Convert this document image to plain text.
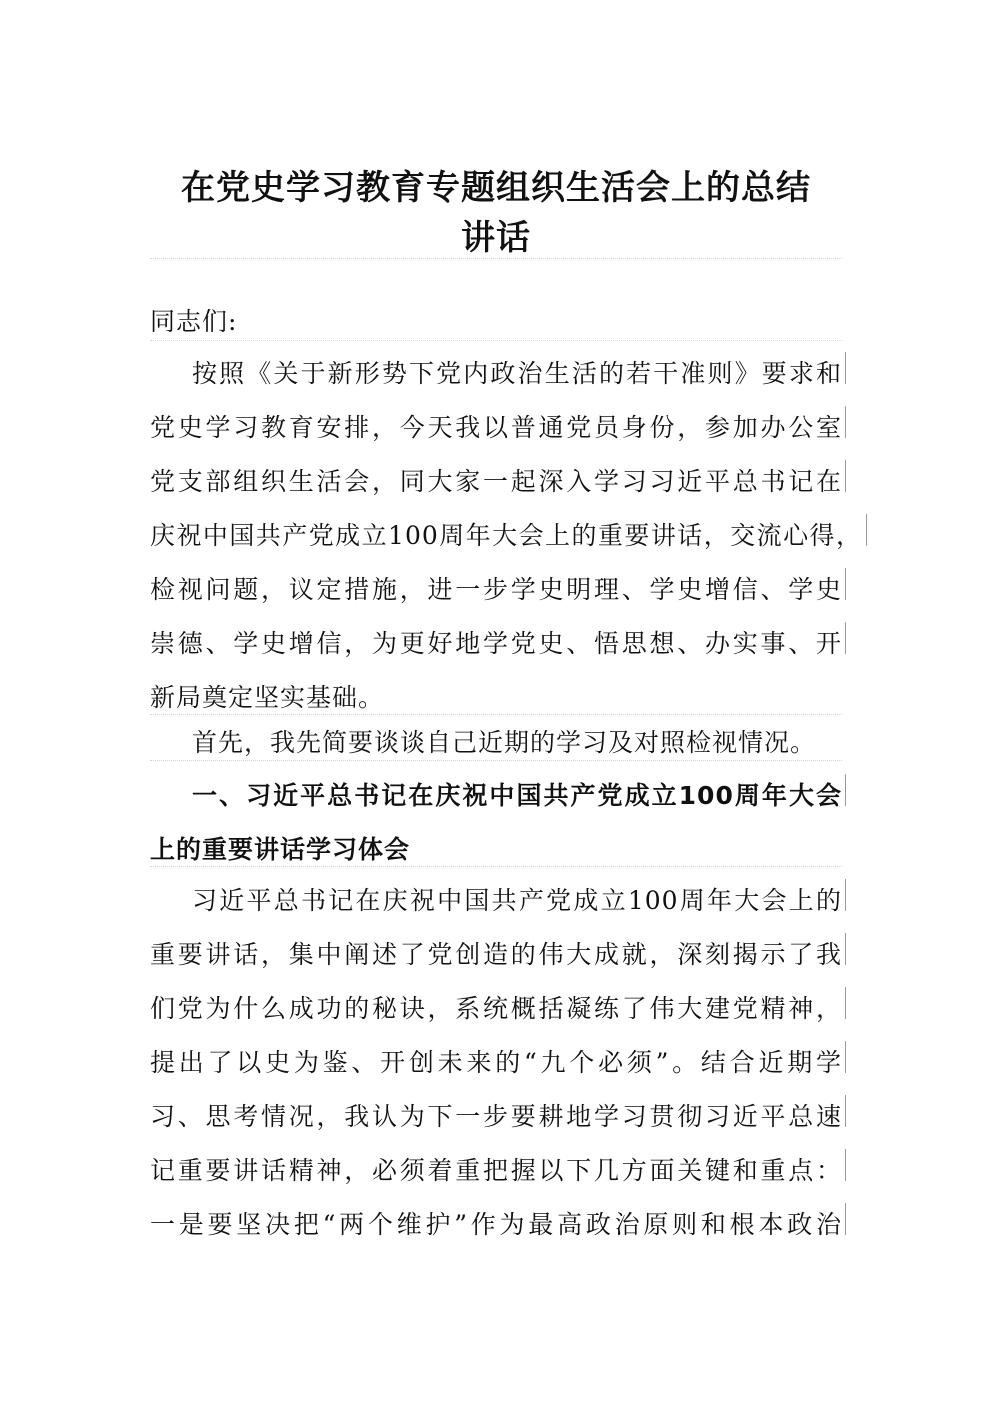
在党史学习教育专题组织生活会上的总结
讲话
同志们:
按照《关于新形势下党内政治生活的若干准则》要求和
党史学习教育安排，今天我以普通党员身份，参加办公室
党支部组织生活会，同大家一起深入学习习近平总书记在
庆祝中国共产党成立100周年大会上的重要讲话，交流心得，
检视问题，议定措施，进一步学史明理、学史增信、学史
崇德、学史增信，为更好地学党史、悟思想、办实事、开
新局奠定坚实基础。
首先，我先简要谈谈自己近期的学习及对照检视情况。
一、习近平总书记在庆祝中国共产党成立100周年大会
上的重要讲话学习体会
习近平总书记在庆祝中国共产党成立100周年大会上的
重要讲话，集中阐述了党创造的伟大成就，深刻揭示了我
们党为什么成功的秘诀，系统概括凝练了伟大建党精神，
提出了以史为鉴、开创未来的“九个必须”。结合近期学
习、思考情况，我认为下一步要耕地学习贯彻习近平总速
记重要讲话精神，必须着重把握以下几方面关键和重点：
一是要坚决把“两个维护”作为最高政治原则和根本政治
